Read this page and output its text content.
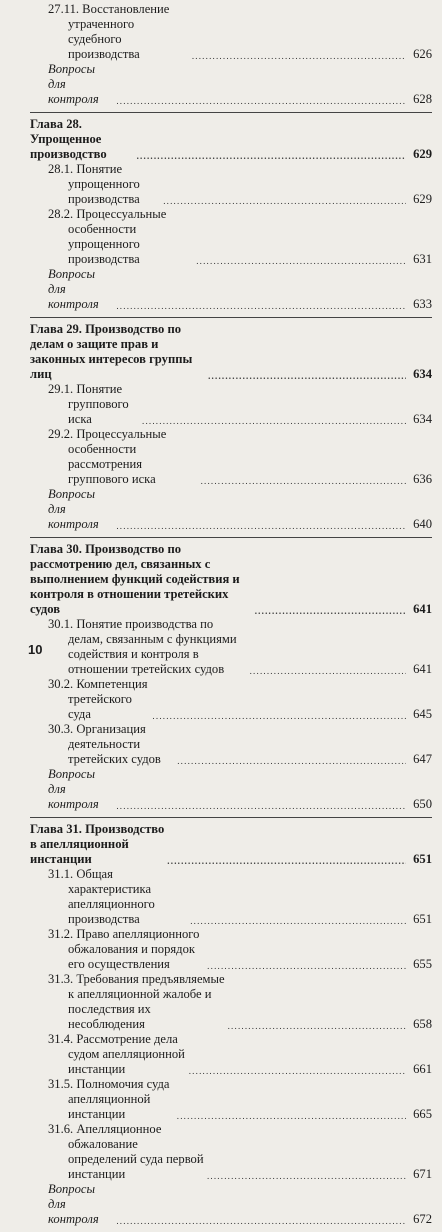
27.11. Восстановление утраченного судебного производства .....	626
Вопросы для контроля .....	628
Глава 28. Упрощенное производство .....	629
28.1. Понятие упрощенного производства .....	629
28.2. Процессуальные особенности упрощенного производства .....	631
Вопросы для контроля .....	633
Глава 29. Производство по делам о защите прав и законных интересов группы лиц .....	634
29.1. Понятие группового иска .....	634
29.2. Процессуальные особенности рассмотрения группового иска .....	636
Вопросы для контроля .....	640
Глава 30. Производство по рассмотрению дел, связанных с выполнением функций содействия и контроля в отношении третейских судов .....	641
30.1. Понятие производства по делам, связанным с функциями содействия и контроля в отношении третейских судов .....	641
30.2. Компетенция третейского суда .....	645
30.3. Организация деятельности третейских судов .....	647
Вопросы для контроля .....	650
Глава 31. Производство в апелляционной инстанции .....	651
31.1. Общая характеристика апелляционного производства .....	651
31.2. Право апелляционного обжалования и порядок его осуществления .....	655
31.3. Требования предъявляемые к апелляционной жалобе и последствия их несоблюдения .....	658
31.4. Рассмотрение дела судом апелляционной инстанции .....	661
31.5. Полномочия суда апелляционной инстанции .....	665
31.6. Апелляционное обжалование определений суда первой инстанции .....	671
Вопросы для контроля .....	672
10
